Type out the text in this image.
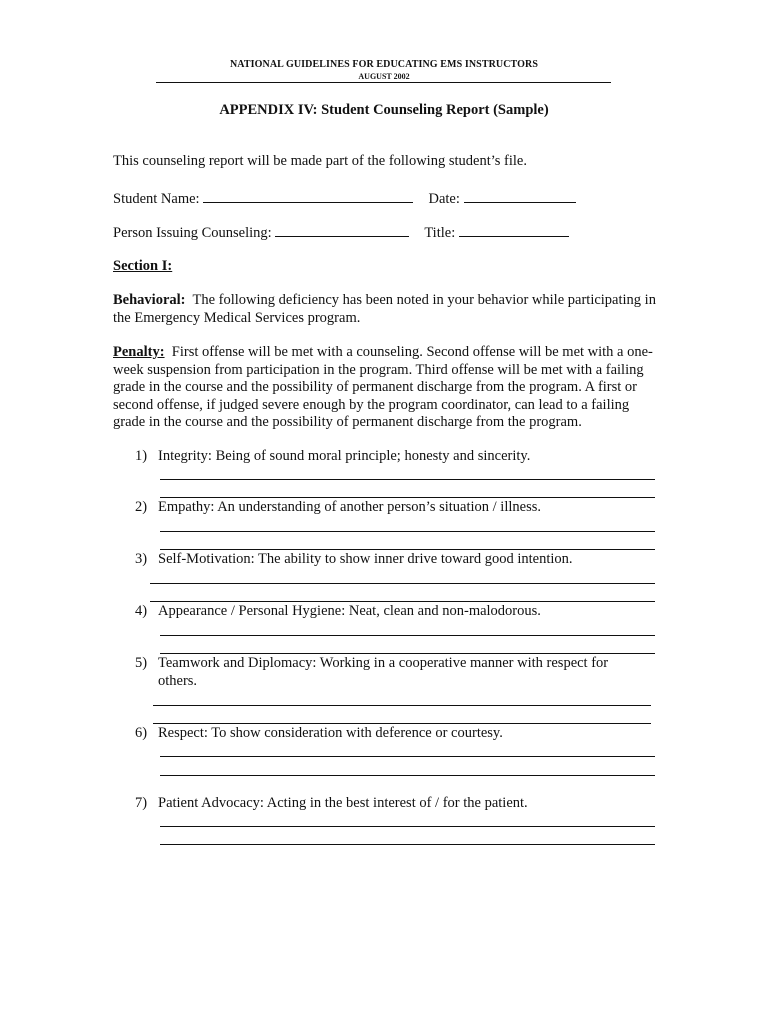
NATIONAL GUIDELINES FOR EDUCATING EMS INSTRUCTORS
AUGUST 2002
APPENDIX IV: Student Counseling Report (Sample)
This counseling report will be made part of the following student’s file.
Student Name:	Date:
Person Issuing Counseling:	Title:
Section I:
Behavioral: The following deficiency has been noted in your behavior while participating in the Emergency Medical Services program.
Penalty: First offense will be met with a counseling. Second offense will be met with a one-week suspension from participation in the program. Third offense will be met with a failing grade in the course and the possibility of permanent discharge from the program. A first or second offense, if judged severe enough by the program coordinator, can lead to a failing grade in the course and the possibility of permanent discharge from the program.
1) Integrity: Being of sound moral principle; honesty and sincerity.
2) Empathy: An understanding of another person’s situation / illness.
3) Self-Motivation: The ability to show inner drive toward good intention.
4) Appearance / Personal Hygiene: Neat, clean and non-malodorous.
5) Teamwork and Diplomacy: Working in a cooperative manner with respect for others.
6) Respect: To show consideration with deference or courtesy.
7) Patient Advocacy: Acting in the best interest of / for the patient.
